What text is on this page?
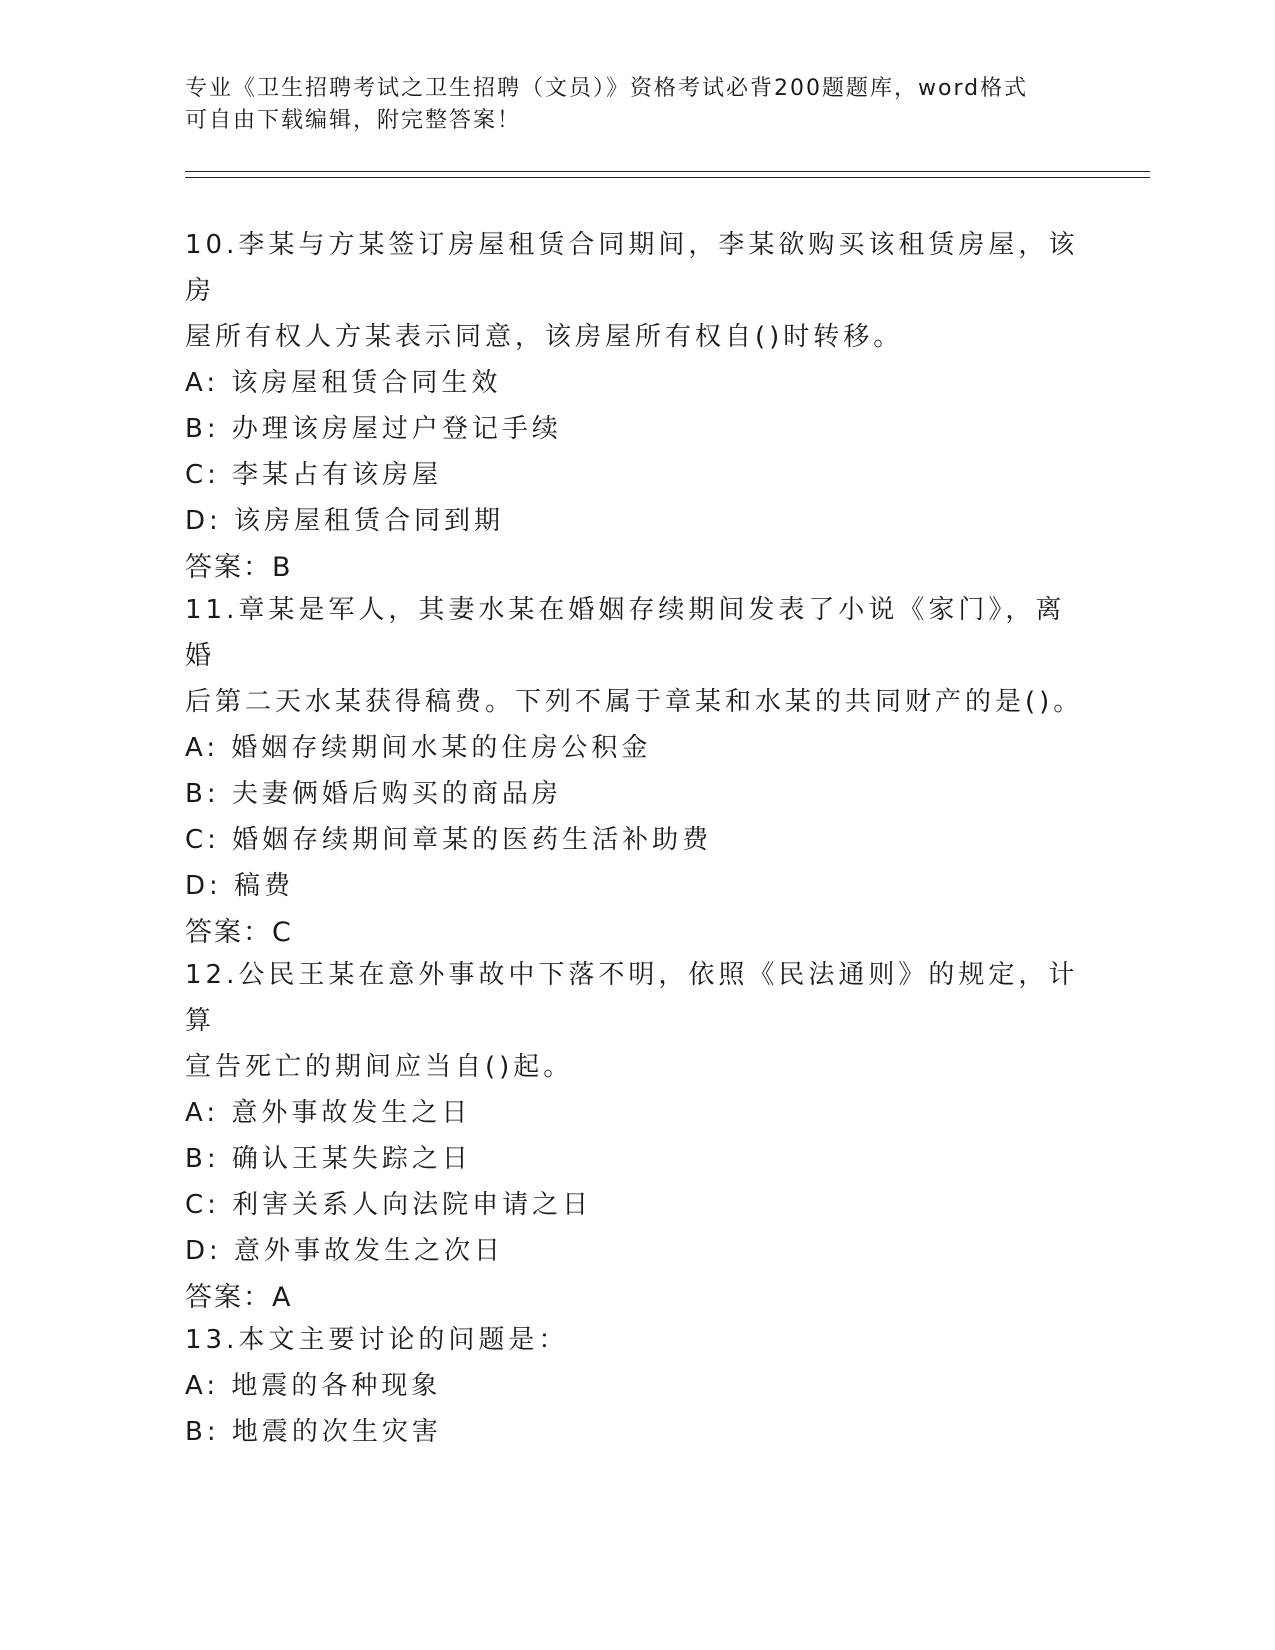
专业《卫生招聘考试之卫生招聘（文员）》资格考试必背200题题库，word格式
可自由下载编辑，附完整答案！
10.李某与方某签订房屋租赁合同期间，李某欲购买该租赁房屋，该房
屋所有权人方某表示同意，该房屋所有权自()时转移。
A: 该房屋租赁合同生效
B: 办理该房屋过户登记手续
C: 李某占有该房屋
D: 该房屋租赁合同到期
答案：B
11.章某是军人，其妻水某在婚姻存续期间发表了小说《家门》，离婚
后第二天水某获得稿费。下列不属于章某和水某的共同财产的是()。
A: 婚姻存续期间水某的住房公积金
B: 夫妻俩婚后购买的商品房
C: 婚姻存续期间章某的医药生活补助费
D: 稿费
答案：C
12.公民王某在意外事故中下落不明，依照《民法通则》的规定，计算
宣告死亡的期间应当自()起。
A: 意外事故发生之日
B: 确认王某失踪之日
C: 利害关系人向法院申请之日
D: 意外事故发生之次日
答案：A
13.本文主要讨论的问题是：
A: 地震的各种现象
B: 地震的次生灾害
